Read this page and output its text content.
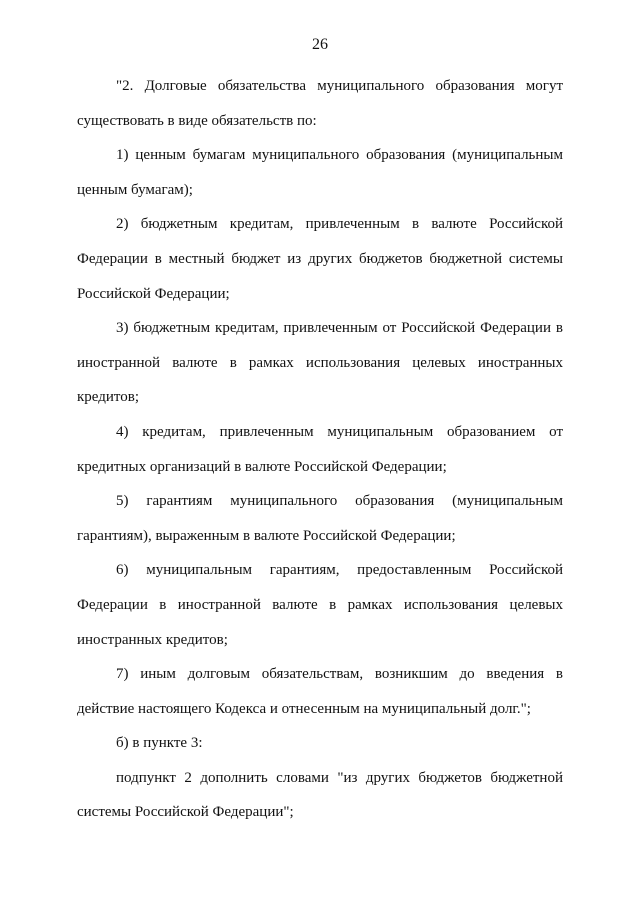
26

"2. Долговые обязательства муниципального образования могут существовать в виде обязательств по:

1) ценным бумагам муниципального образования (муниципальным ценным бумагам);

2) бюджетным кредитам, привлеченным в валюте Российской Федерации в местный бюджет из других бюджетов бюджетной системы Российской Федерации;

3) бюджетным кредитам, привлеченным от Российской Федерации в иностранной валюте в рамках использования целевых иностранных кредитов;

4) кредитам, привлеченным муниципальным образованием от кредитных организаций в валюте Российской Федерации;

5) гарантиям муниципального образования (муниципальным гарантиям), выраженным в валюте Российской Федерации;

6) муниципальным гарантиям, предоставленным Российской Федерации в иностранной валюте в рамках использования целевых иностранных кредитов;

7) иным долговым обязательствам, возникшим до введения в действие настоящего Кодекса и отнесенным на муниципальный долг.";

б) в пункте 3:

подпункт 2 дополнить словами "из других бюджетов бюджетной системы Российской Федерации";
